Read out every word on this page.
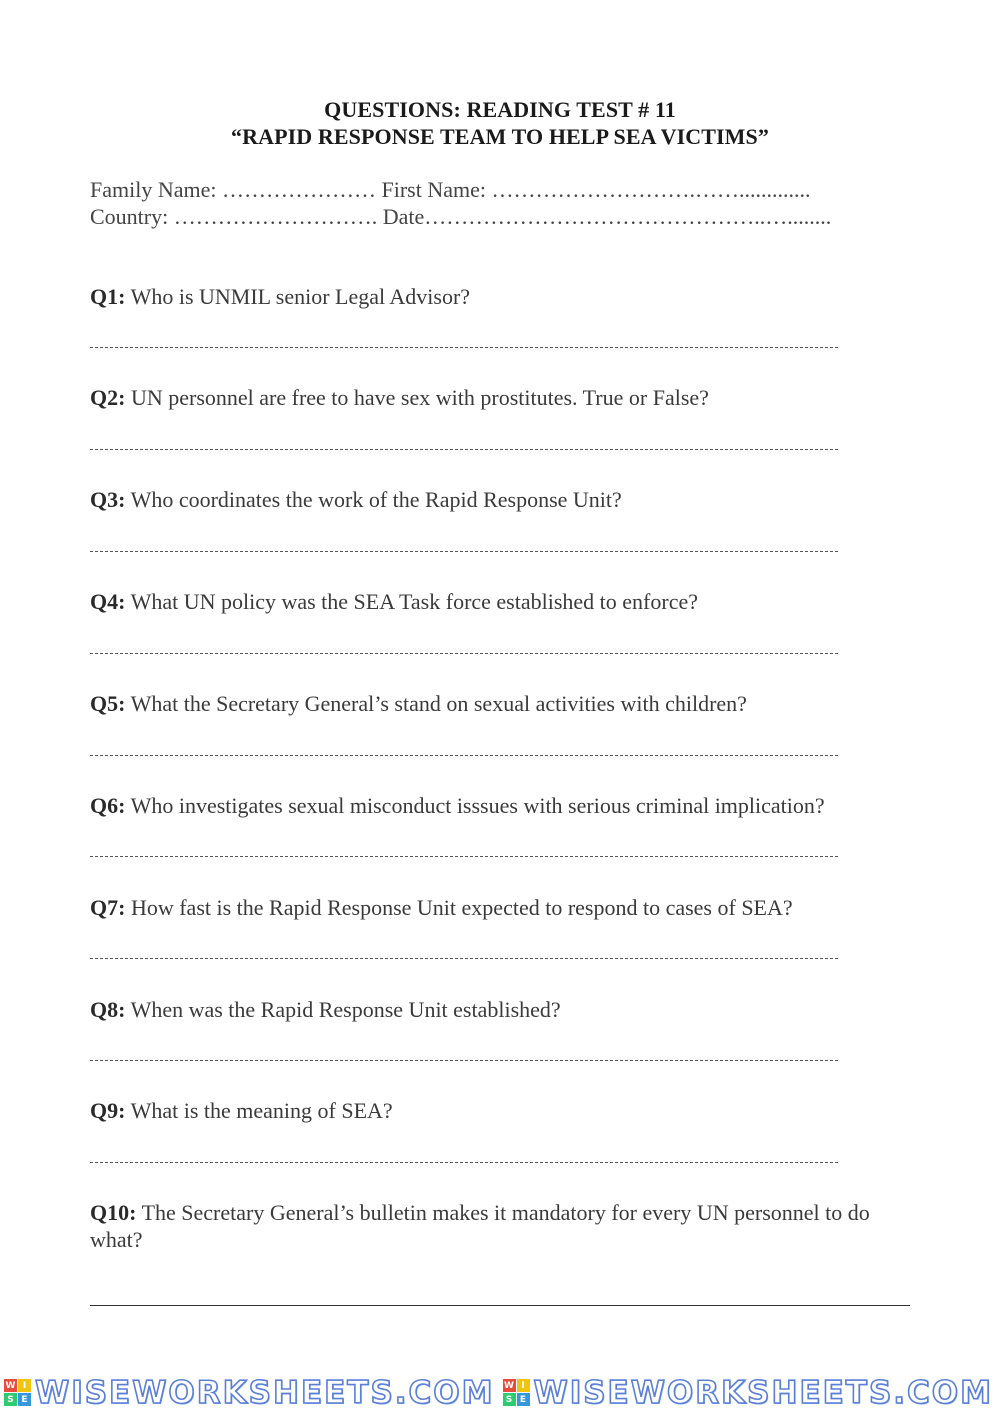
QUESTIONS: READING TEST # 11
“RAPID RESPONSE TEAM TO HELP SEA VICTIMS”
Family Name: ………………… First Name: ……………………….…….............
Country: ………………………. Date………………………………………..…........
Q1: Who is UNMIL senior Legal Advisor?
Q2: UN personnel are free to have sex with prostitutes. True or False?
Q3: Who coordinates the work of the Rapid Response Unit?
Q4: What UN policy was the SEA Task force established to enforce?
Q5: What the Secretary General’s stand on sexual activities with children?
Q6: Who investigates sexual misconduct isssues with serious criminal implication?
Q7: How fast is the Rapid Response Unit expected to respond to cases of SEA?
Q8: When was the Rapid Response Unit established?
Q9: What is the meaning of SEA?
Q10: The Secretary General’s bulletin makes it mandatory for every UN personnel to do what?
W I
S E WISEWORKSHEETS.COM W I
S E WISEWORKSHEETS.COM
